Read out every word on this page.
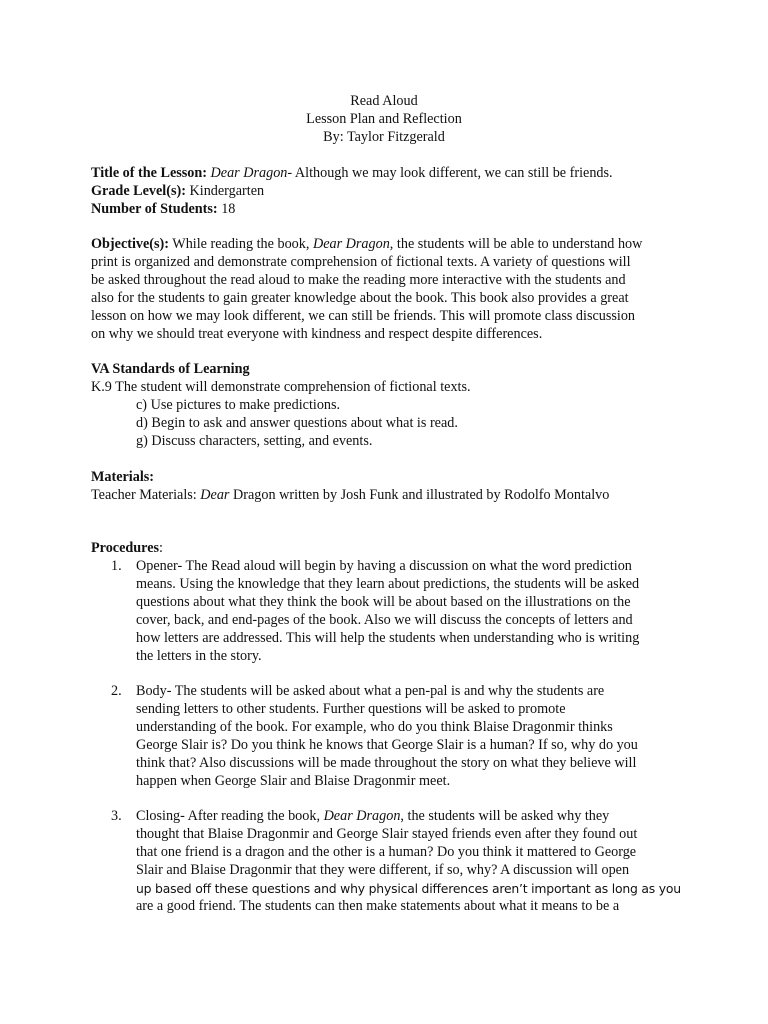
Read Aloud
Lesson Plan and Reflection
By: Taylor Fitzgerald
Title of the Lesson: Dear Dragon- Although we may look different, we can still be friends.
Grade Level(s): Kindergarten
Number of Students: 18
Objective(s): While reading the book, Dear Dragon, the students will be able to understand how
print is organized and demonstrate comprehension of fictional texts. A variety of questions will
be asked throughout the read aloud to make the reading more interactive with the students and
also for the students to gain greater knowledge about the book. This book also provides a great
lesson on how we may look different, we can still be friends. This will promote class discussion
on why we should treat everyone with kindness and respect despite differences.
VA Standards of Learning
K.9 The student will demonstrate comprehension of fictional texts.
c) Use pictures to make predictions.
d) Begin to ask and answer questions about what is read.
g) Discuss characters, setting, and events.
Materials:
Teacher Materials: Dear Dragon written by Josh Funk and illustrated by Rodolfo Montalvo
Procedures:
1. Opener- The Read aloud will begin by having a discussion on what the word prediction
means. Using the knowledge that they learn about predictions, the students will be asked
questions about what they think the book will be about based on the illustrations on the
cover, back, and end-pages of the book. Also we will discuss the concepts of letters and
how letters are addressed. This will help the students when understanding who is writing
the letters in the story.
2. Body- The students will be asked about what a pen-pal is and why the students are
sending letters to other students. Further questions will be asked to promote
understanding of the book. For example, who do you think Blaise Dragonmir thinks
George Slair is? Do you think he knows that George Slair is a human? If so, why do you
think that? Also discussions will be made throughout the story on what they believe will
happen when George Slair and Blaise Dragonmir meet.
3. Closing- After reading the book, Dear Dragon, the students will be asked why they
thought that Blaise Dragonmir and George Slair stayed friends even after they found out
that one friend is a dragon and the other is a human? Do you think it mattered to George
Slair and Blaise Dragonmir that they were different, if so, why? A discussion will open
up based off these questions and why physical differences aren’t important as long as you
are a good friend. The students can then make statements about what it means to be a
